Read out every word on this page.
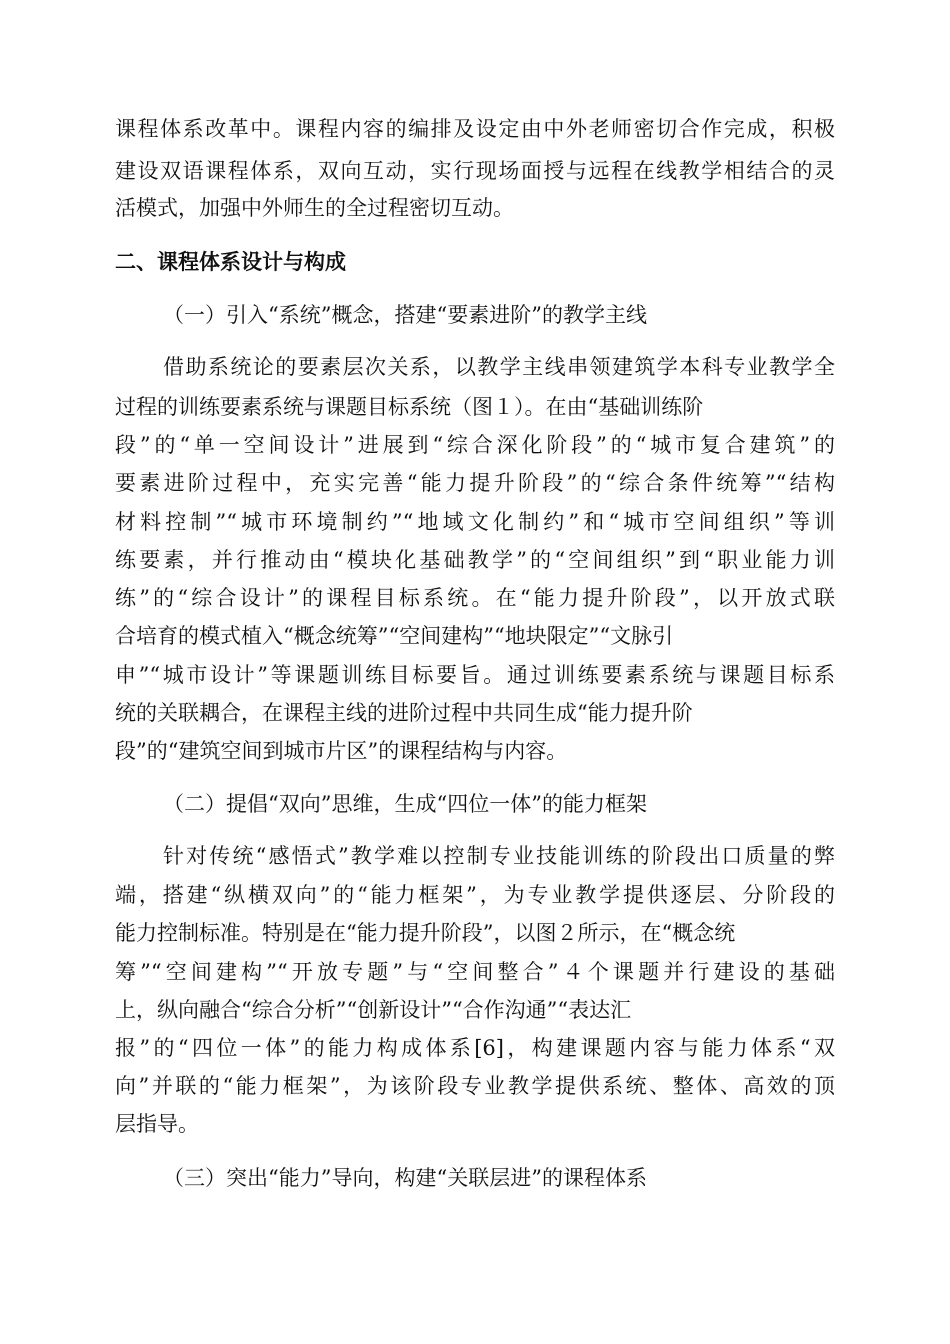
课程体系改革中。课程内容的编排及设定由中外老师密切合作完成，积极
建设双语课程体系，双向互动，实行现场面授与远程在线教学相结合的灵
活模式，加强中外师生的全过程密切互动。
二、课程体系设计与构成
（一）引入“系统”概念，搭建“要素进阶”的教学主线
借助系统论的要素层次关系，以教学主线串领建筑学本科专业教学全
过程的训练要素系统与课题目标系统（图１）。在由“基础训练阶
段”的“单一空间设计”进展到“综合深化阶段”的“城市复合建筑”的
要素进阶过程中，充实完善“能力提升阶段”的“综合条件统筹”“结构
材料控制”“城市环境制约”“地域文化制约”和“城市空间组织”等训
练要素，并行推动由“模块化基础教学”的“空间组织”到“职业能力训
练”的“综合设计”的课程目标系统。在“能力提升阶段”，以开放式联
合培育的模式植入“概念统筹”“空间建构”“地块限定”“文脉引
申”“城市设计”等课题训练目标要旨。通过训练要素系统与课题目标系
统的关联耦合，在课程主线的进阶过程中共同生成“能力提升阶
段”的“建筑空间到城市片区”的课程结构与内容。
（二）提倡“双向”思维，生成“四位一体”的能力框架
针对传统“感悟式”教学难以控制专业技能训练的阶段出口质量的弊
端，搭建“纵横双向”的“能力框架”，为专业教学提供逐层、分阶段的
能力控制标准。特别是在“能力提升阶段”，以图２所示，在“概念统
筹”“空间建构”“开放专题”与“空间整合”４个课题并行建设的基础
上，纵向融合“综合分析”“创新设计”“合作沟通”“表达汇
报”的“四位一体”的能力构成体系[6]，构建课题内容与能力体系“双
向”并联的“能力框架”，为该阶段专业教学提供系统、整体、高效的顶
层指导。
（三）突出“能力”导向，构建“关联层进”的课程体系
